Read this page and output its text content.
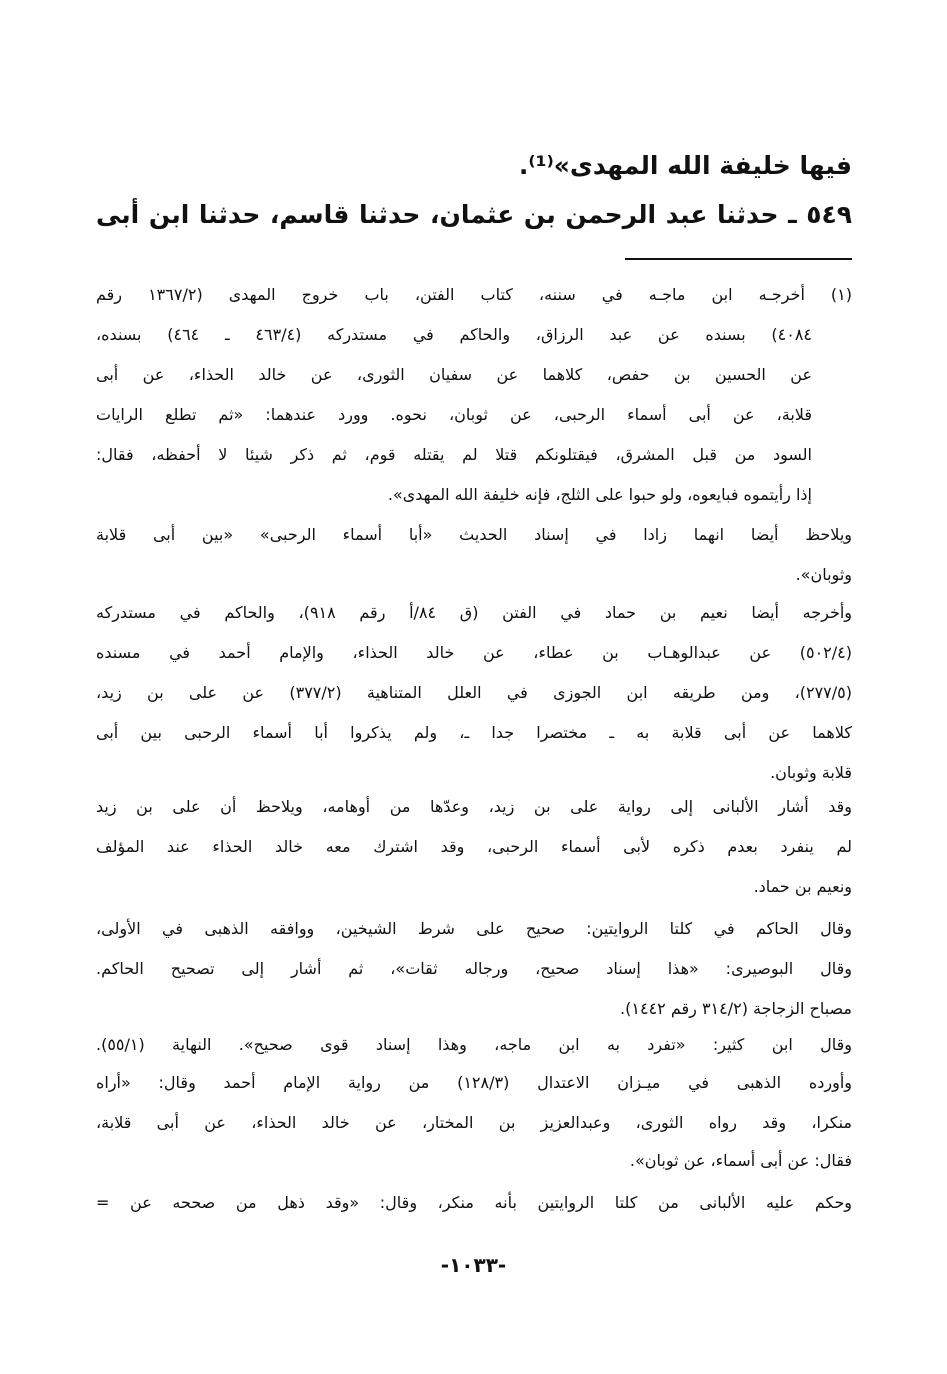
فيها خليفة الله المهدى»⁽¹⁾.
٥٤٩ ـ حدثنا عبد الرحمن بن عثمان، حدثنا قاسم، حدثنا ابن أبى
(١) أخرجـه ابن ماجـه في سننه، كتاب الفتن، باب خروج المهدى (١٣٦٧/٢ رقم
٤٠٨٤) بسنده عن عبد الرزاق، والحاكم في مستدركه (٤٦٣/٤ ـ ٤٦٤) بسنده،
عن الحسين بن حفص، كلاهما عن سفيان الثورى، عن خالد الحذاء، عن أبى
قلابة، عن أبى أسماء الرحبى، عن ثوبان، نحوه. وورد عندهما: «ثم تطلع الرايات
السود من قبل المشرق، فيقتلونكم قتلا لم يقتله قوم، ثم ذكر شيئا لا أحفظه، فقال:
إذا رأيتموه فبايعوه، ولو حبوا على الثلج، فإنه خليفة الله المهدى».
ويلاحظ أيضا انهما زادا في إسناد الحديث «أبا أسماء الرحبى» «بين أبى قلابة
وثوبان».
وأخرجه أيضا نعيم بن حماد في الفتن (ق ٨٤/أ رقم ٩١٨)، والحاكم في مستدركه
(٥٠٢/٤) عن عبدالوهـاب بن عطاء، عن خالد الحذاء، والإمام أحمد في مسنده
(٢٧٧/٥)، ومن طريقه ابن الجوزى في العلل المتناهية (٣٧٧/٢) عن على بن زيد،
كلاهما عن أبى قلابة به ـ مختصرا جدا ـ، ولم يذكروا أبا أسماء الرحبى بين أبى
قلابة وثوبان.
وقد أشار الألبانى إلى رواية على بن زيد، وعدّها من أوهامه، ويلاحظ أن على بن زيد
لم ينفرد بعدم ذكره لأبى أسماء الرحبى، وقد اشترك معه خالد الحذاء عند المؤلف
ونعيم بن حماد.
وقال الحاكم في كلتا الروايتين: صحيح على شرط الشيخين، ووافقه الذهبى في الأولى،
وقال البوصيرى: «هذا إسناد صحيح، ورجاله ثقات»، ثم أشار إلى تصحيح الحاكم.
مصباح الزجاجة (٣١٤/٢ رقم ١٤٤٢).
وقال ابن كثير: «تفرد به ابن ماجه، وهذا إسناد قوى صحيح». النهاية (٥٥/١).
وأورده الذهبى في ميـزان الاعتدال (١٢٨/٣) من رواية الإمام أحمد وقال: «أراه
منكرا، وقد رواه الثورى، وعبدالعزيز بن المختار، عن خالد الحذاء، عن أبى قلابة،
فقال: عن أبى أسماء، عن ثوبان».
وحكم عليه الألبانى من كلتا الروايتين بأنه منكر، وقال: «وقد ذهل من صححه عن =
-١٠٣٣-
